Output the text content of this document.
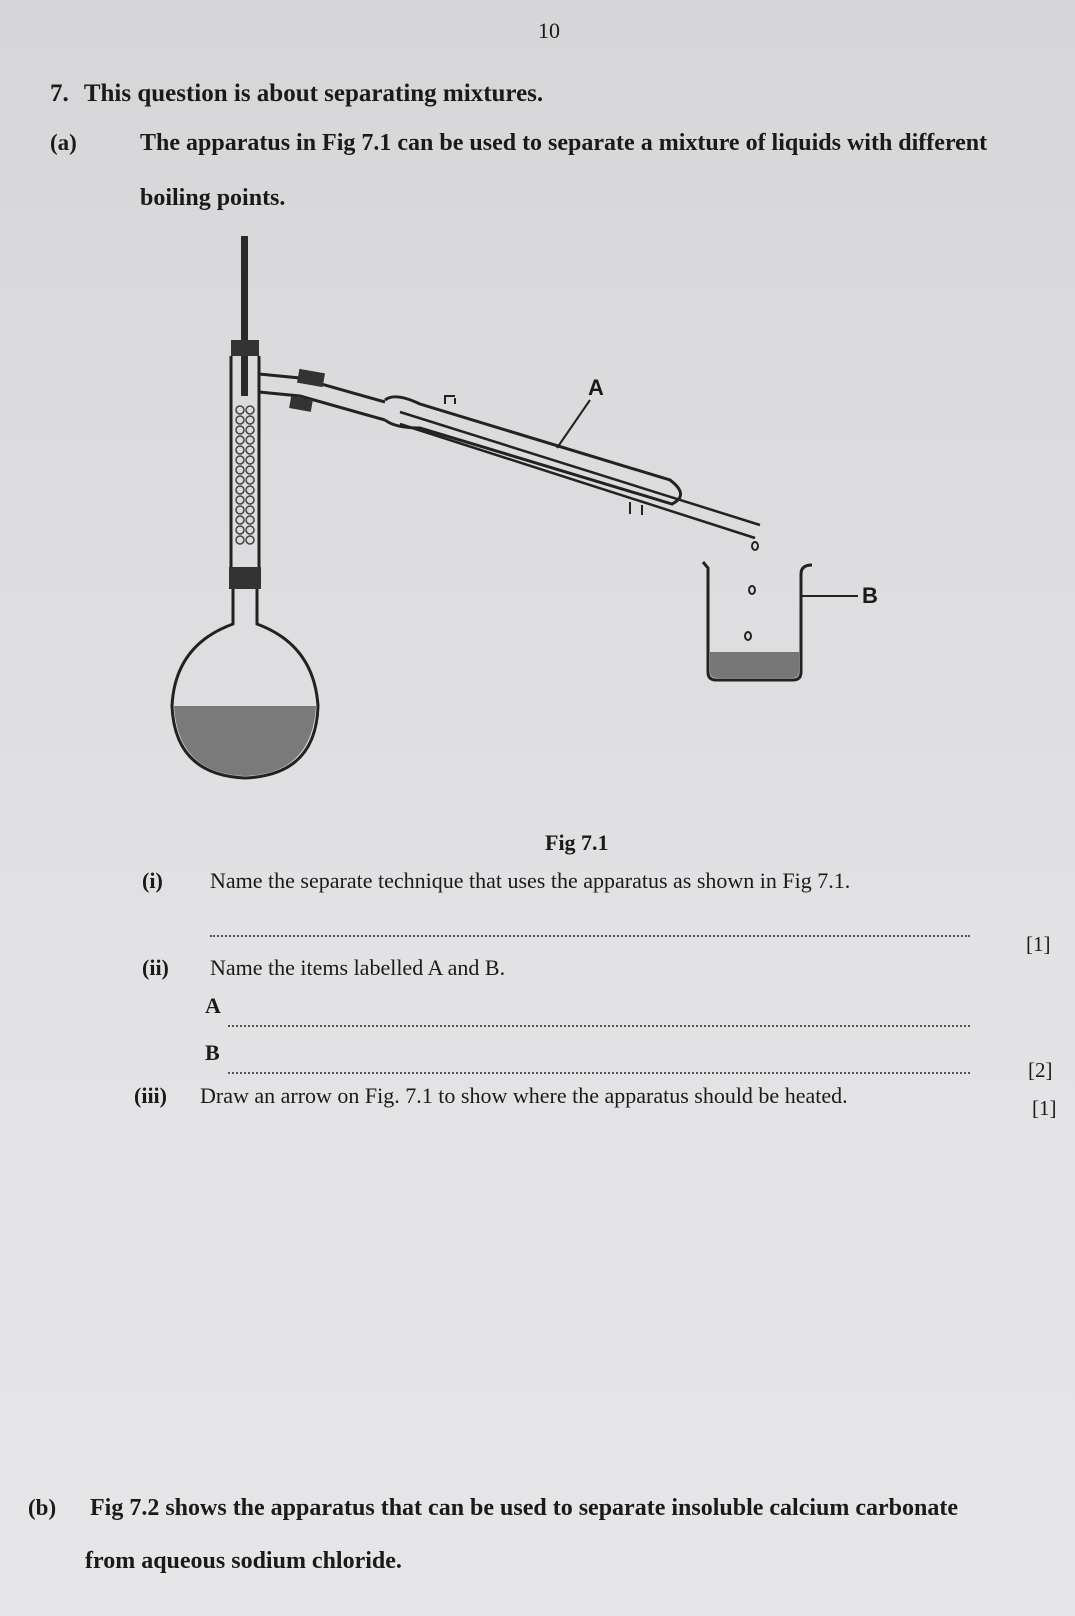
10
7. This question is about separating mixtures.
(a)	The apparatus in Fig 7.1 can be used to separate a mixture of liquids with different
boiling points.
A
B
Fig 7.1
(i) Name the separate technique that uses the apparatus as shown in Fig 7.1.
[1]
(ii) Name the items labelled A and B.
A
B
[2]
(iii) Draw an arrow on Fig. 7.1 to show where the apparatus should be heated.	[1]
(b) Fig 7.2 shows the apparatus that can be used to separate insoluble calcium carbonate
from aqueous sodium chloride.
